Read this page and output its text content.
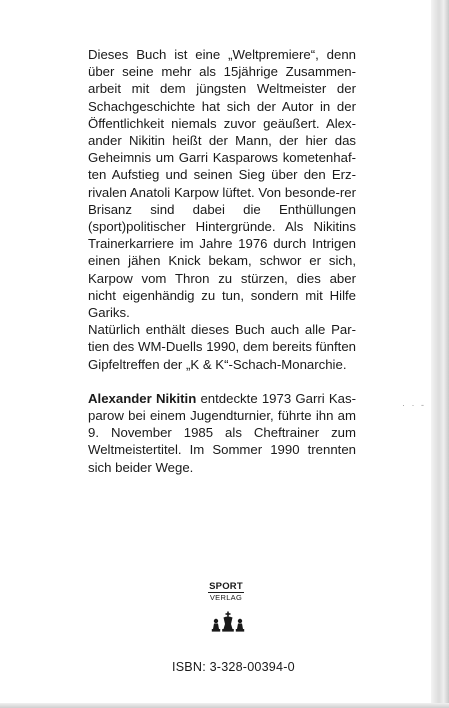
Dieses Buch ist eine „Weltpremiere“, denn über seine mehr als 15jährige Zusammen-arbeit mit dem jüngsten Weltmeister der Schachgeschichte hat sich der Autor in der Öffentlichkeit niemals zuvor geäußert. Alex-ander Nikitin heißt der Mann, der hier das Geheimnis um Garri Kasparows kometenhaf-ten Aufstieg und seinen Sieg über den Erz-rivalen Anatoli Karpow lüftet. Von besonde-rer Brisanz sind dabei die Enthüllungen (sport)politischer Hintergründe. Als Nikitins Trainerkarriere im Jahre 1976 durch Intrigen einen jähen Knick bekam, schwor er sich, Karpow vom Thron zu stürzen, dies aber nicht eigenhändig zu tun, sondern mit Hilfe Gariks.

Natürlich enthält dieses Buch auch alle Par-tien des WM-Duells 1990, dem bereits fünften Gipfeltreffen der „K & K“-Schach-Monarchie.

Alexander Nikitin entdeckte 1973 Garri Kas-parow bei einem Jugendturnier, führte ihn am 9. November 1985 als Cheftrainer zum Weltmeistertitel. Im Sommer 1990 trennten sich beider Wege.

· · -
SPORT
VERLAG

ISBN: 3-328-00394-0
